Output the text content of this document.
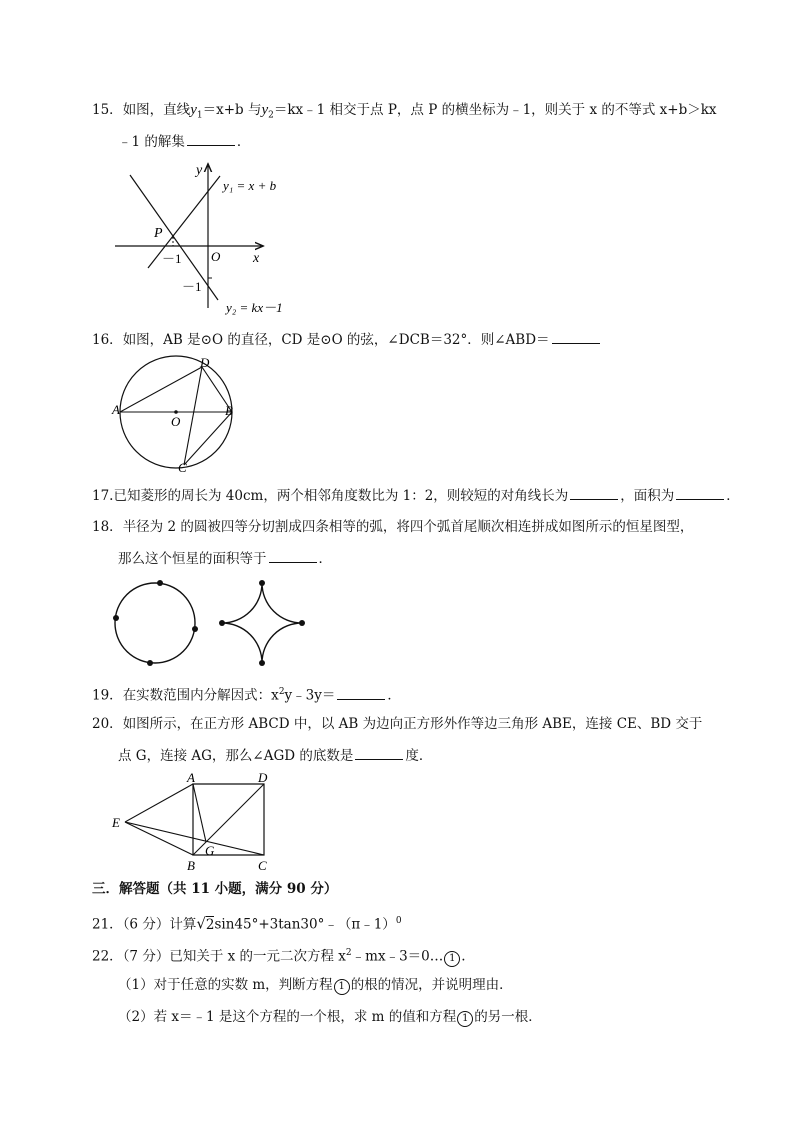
15．如图，直线$y_1=x+b$ 与$y_2=kx﹣1$ 相交于点 P，点 P 的横坐标为﹣1，则关于 x 的不等式 x+b＞kx
﹣1 的解集	．
y
x
O
P
－1
－1
y₁ = x + b
y₂ = kx－1
16．如图，AB 是⊙O 的直径，CD 是⊙O 的弦，∠DCB＝32°．则∠ABD＝
A	B
C
D
O
17.已知菱形的周长为 40cm，两个相邻角度数比为 1：2，则较短的对角线长为	，面积为	．
18．半径为 2 的圆被四等分切割成四条相等的弧，将四个弧首尾顺次相连拼成如图所示的恒星图型，
那么这个恒星的面积等于	．
19．在实数范围内分解因式：$x^2y﹣3y=$	．
20．如图所示，在正方形 ABCD 中，以 AB 为边向正方形外作等边三角形 ABE，连接 CE、BD 交于
点 G，连接 AG，那么∠AGD 的底数是	度．
A	D
E
B
G
C
三．解答题（共 11 小题，满分 90 分）
21．（6 分）计算√2sin45°+3tan30°﹣（π﹣1）$^0$
22．（7 分）已知关于 x 的一元二次方程 $x^2﹣mx﹣3=0\dots$ 1 .
（1）对于任意的实数 m，判断方程 1 的根的情况，并说明理由．
（2）若 x＝﹣1 是这个方程的一个根，求 m 的值和方程 1 的另一根．
